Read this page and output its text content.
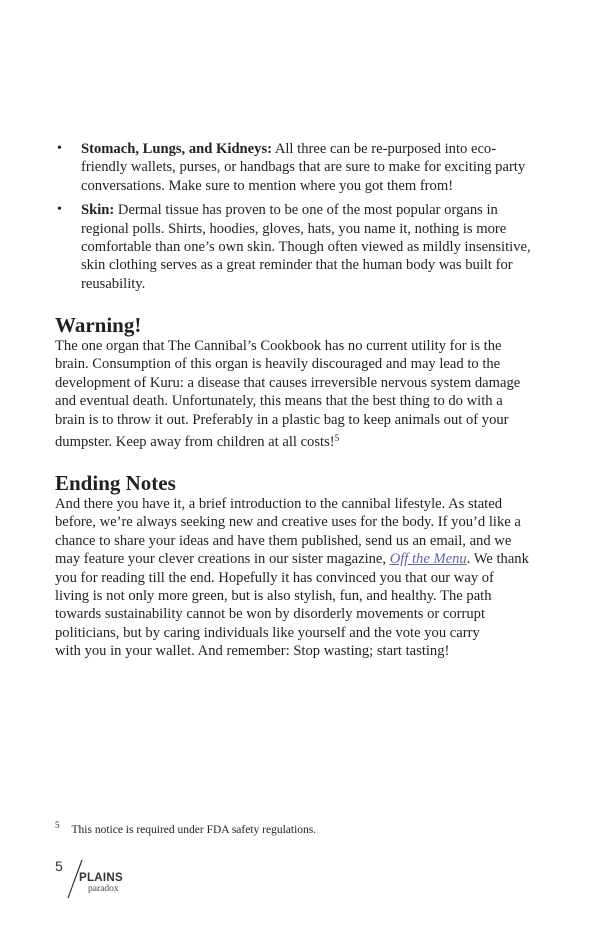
• Stomach, Lungs, and Kidneys: All three can be re-purposed into eco-
friendly wallets, purses, or handbags that are sure to make for exciting party
conversations. Make sure to mention where you got them from!
• Skin: Dermal tissue has proven to be one of the most popular organs in
regional polls. Shirts, hoodies, gloves, hats, you name it, nothing is more
comfortable than one’s own skin. Though often viewed as mildly insensitive,
skin clothing serves as a great reminder that the human body was built for
reusability.
Warning!
The one organ that The Cannibal’s Cookbook has no current utility for is the
brain. Consumption of this organ is heavily discouraged and may lead to the
development of Kuru: a disease that causes irreversible nervous system damage
and eventual death. Unfortunately, this means that the best thing to do with a
brain is to throw it out. Preferably in a plastic bag to keep animals out of your
dumpster. Keep away from children at all costs!$^5$
Ending Notes
And there you have it, a brief introduction to the cannibal lifestyle. As stated
before, we’re always seeking new and creative uses for the body. If you’d like a
chance to share your ideas and have them published, send us an email, and we
may feature your clever creations in our sister magazine, Off the Menu. We thank
you for reading till the end. Hopefully it has convinced you that our way of
living is not only more green, but is also stylish, fun, and healthy. The path
towards sustainability cannot be won by disorderly movements or corrupt
politicians, but by caring individuals like yourself and the vote you carry
with you in your wallet. And remember: Stop wasting; start tasting!
$^5$ This notice is required under FDA safety regulations.
5
PLAINS
paradox
